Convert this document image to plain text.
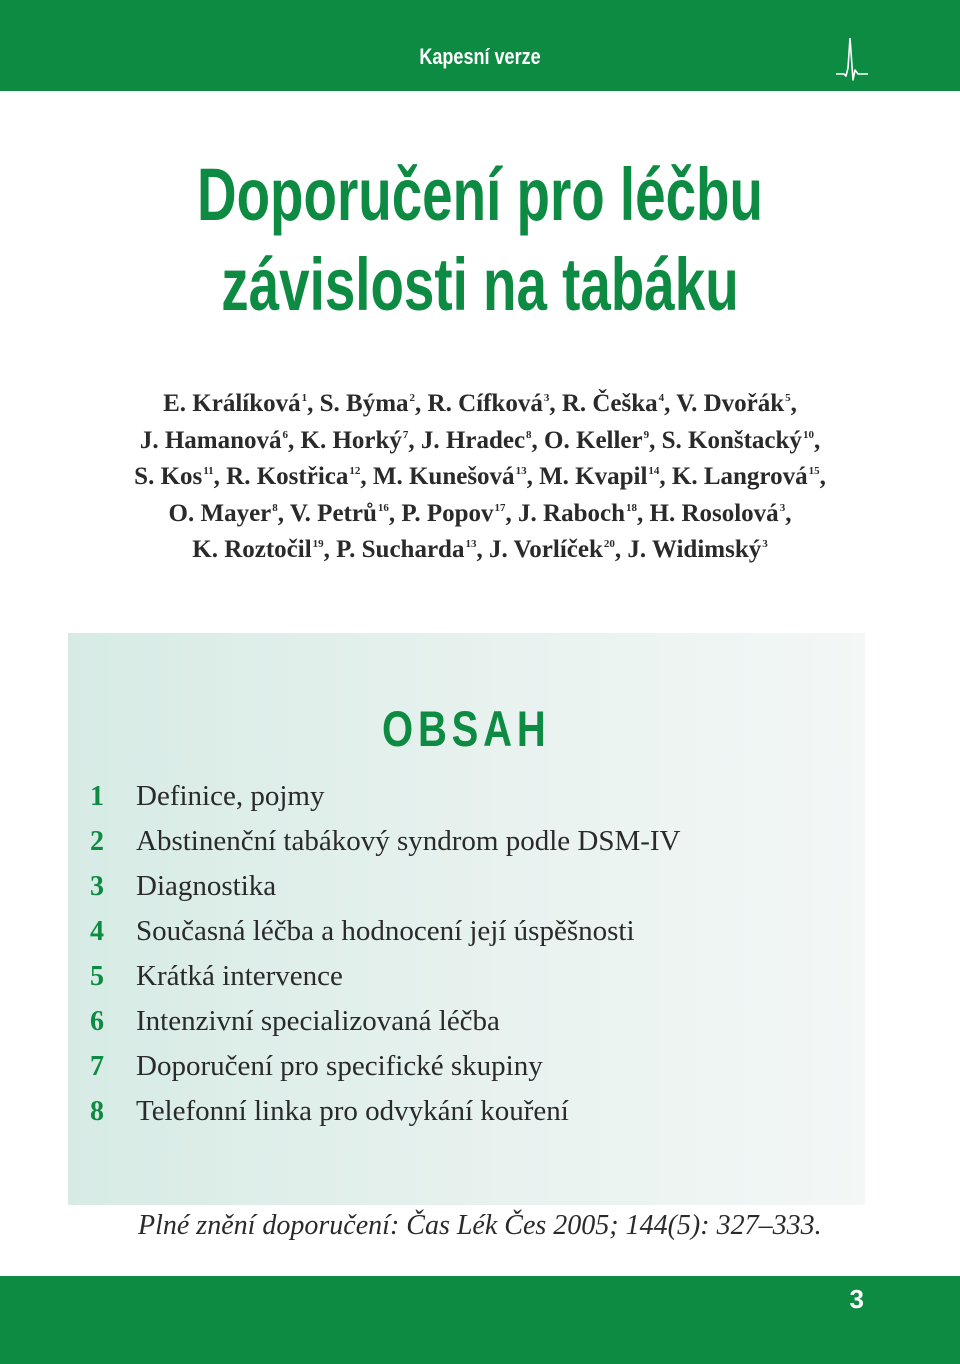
Kapesní verze
Doporučení pro léčbu
závislosti na tabáku
E. Králíková$^1$, S. Býma$^2$, R. Cífková$^3$, R. Češka$^4$, V. Dvořák$^5$,
J. Hamanová$^6$, K. Horký$^7$, J. Hradec$^8$, O. Keller$^9$, S. Konštacký$^{10}$,
S. Kos$^{11}$, R. Kostřica$^{12}$, M. Kunešová$^{13}$, M. Kvapil$^{14}$, K. Langrová$^{15}$,
O. Mayer$^8$, V. Petrů$^{16}$, P. Popov$^{17}$, J. Raboch$^{18}$, H. Rosolová$^3$,
K. Roztočil$^{19}$, P. Sucharda$^{13}$, J. Vorlíček$^{20}$, J. Widimský$^3$
OBSAH
1	Definice, pojmy
2	Abstinenční tabákový syndrom podle DSM-IV
3	Diagnostika
4	Současná léčba a hodnocení její úspěšnosti
5	Krátká intervence
6	Intenzivní specializovaná léčba
7	Doporučení pro specifické skupiny
8	Telefonní linka pro odvykání kouření
Plné znění doporučení: Čas Lék Čes 2005; 144(5): 327–333.
3
